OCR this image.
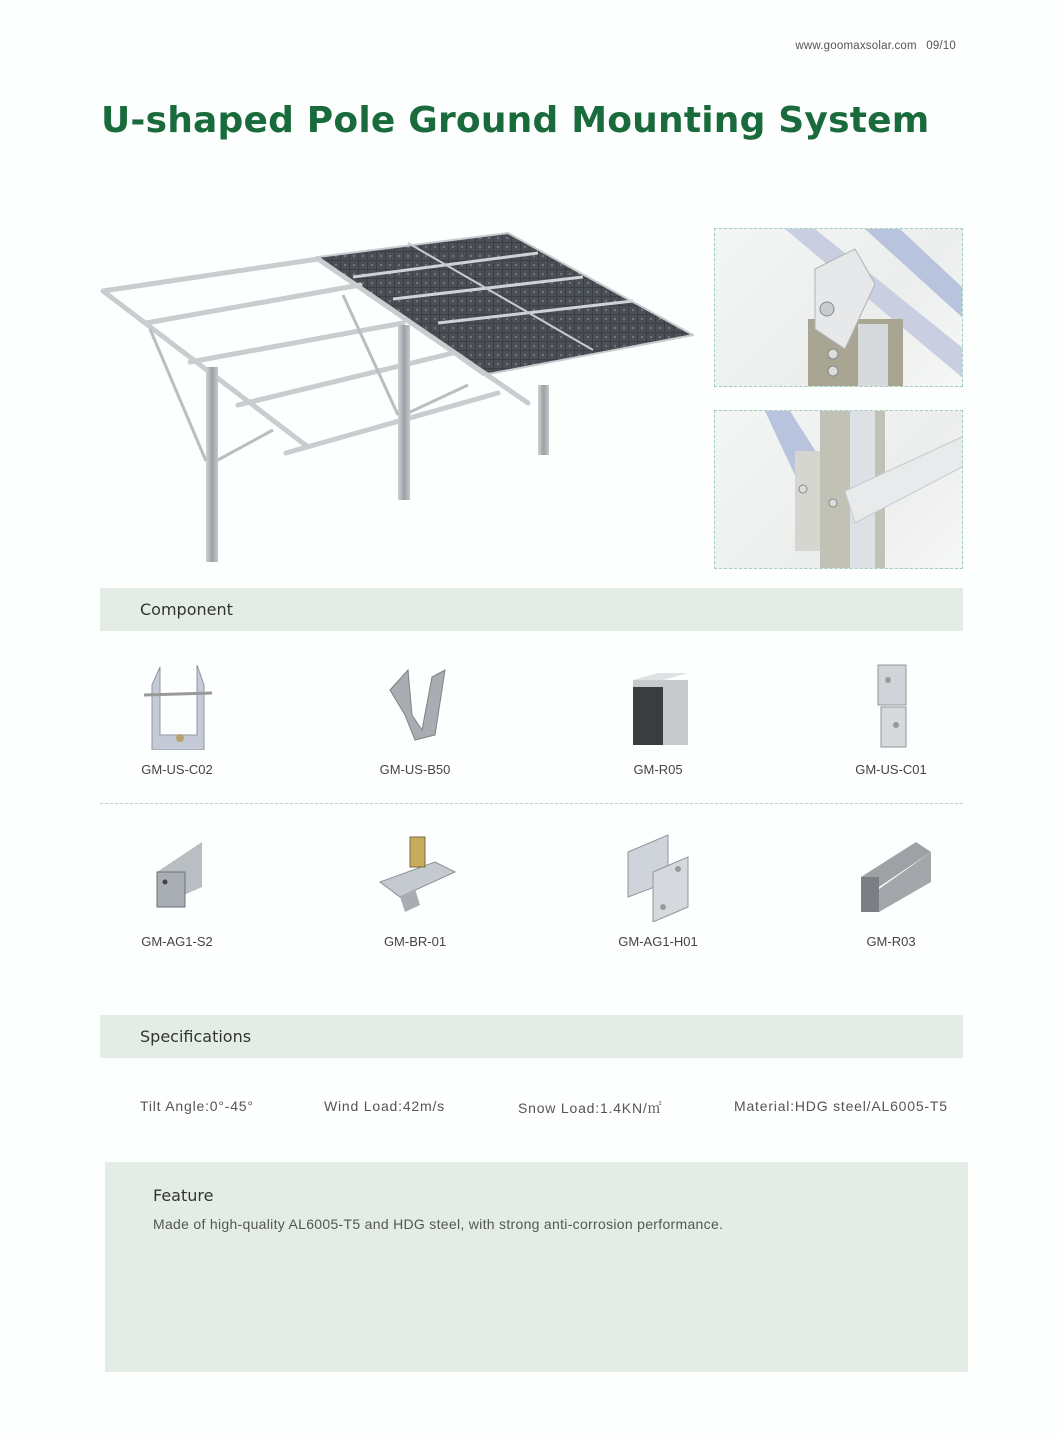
www.goomaxsolar.com 09/10
U-shaped Pole Ground Mounting System
Component
GM-US-C02	GM-US-B50	GM-R05	GM-US-C01
GM-AG1-S2	GM-BR-01	GM-AG1-H01	GM-R03
Specifications
Tilt Angle:0°-45°	Wind Load:42m/s	Snow Load:1.4KN/㎡	Material:HDG steel/AL6005-T5
Feature
Made of high-quality AL6005-T5 and HDG steel, with strong anti-corrosion performance.
